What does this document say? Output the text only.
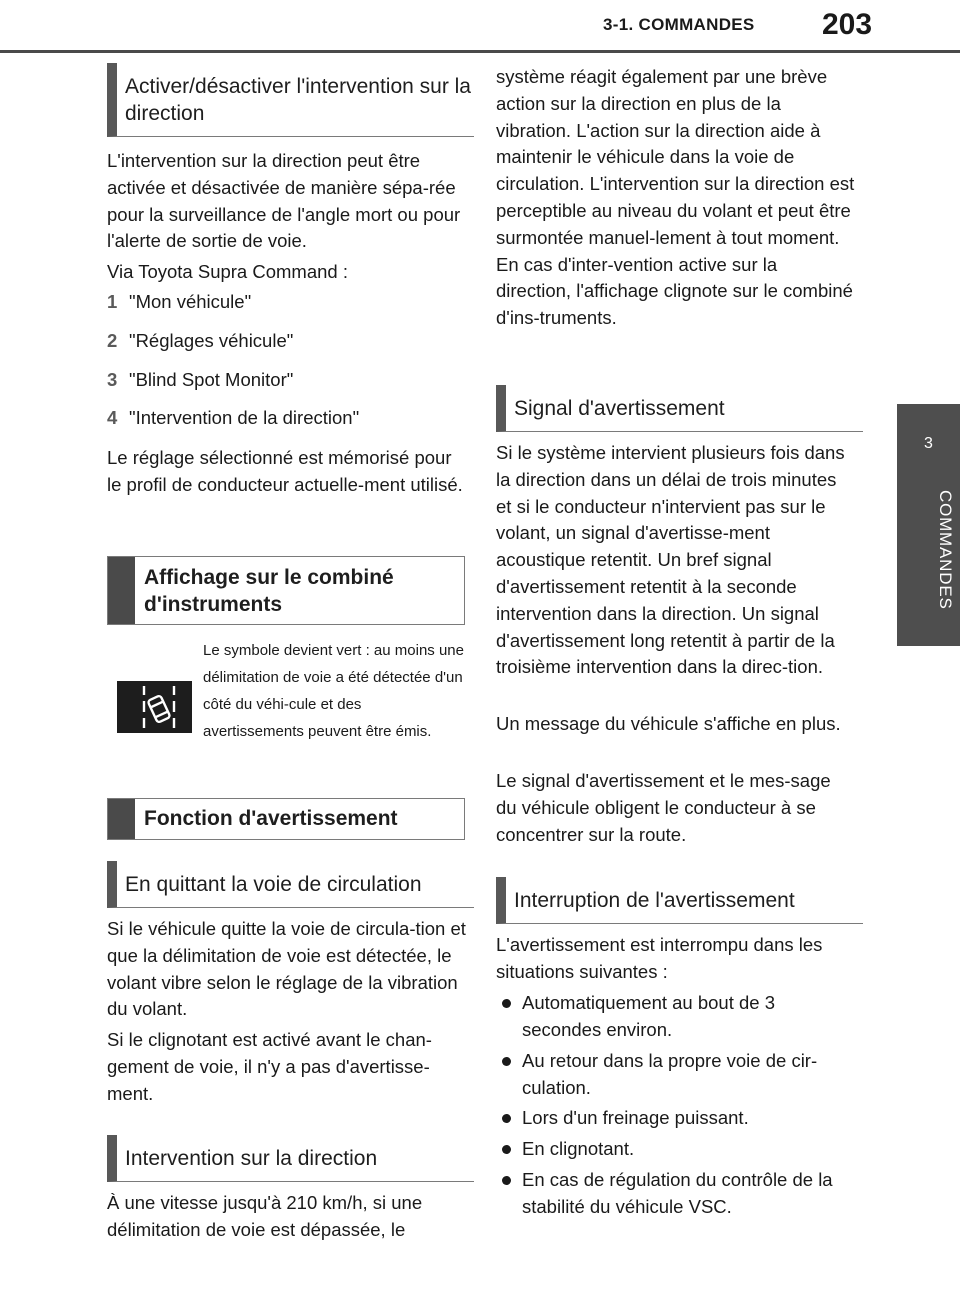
3-1. COMMANDES 203
3
COMMANDES
Activer/désactiver l'intervention sur la direction

L'intervention sur la direction peut être activée et désactivée de manière sépa-rée pour la surveillance de l'angle mort ou pour l'alerte de sortie de voie.

Via Toyota Supra Command :

1 "Mon véhicule"
2 "Réglages véhicule"
3 "Blind Spot Monitor"
4 "Intervention de la direction"

Le réglage sélectionné est mémorisé pour le profil de conducteur actuelle-ment utilisé.

Affichage sur le combiné d'instruments
Le symbole devient vert : au moins une délimitation de voie a été détectée d'un côté du véhi-cule et des avertissements peuvent être émis.
Fonction d'avertissement
En quittant la voie de circulation

Si le véhicule quitte la voie de circula-tion et que la délimitation de voie est détectée, le volant vibre selon le réglage de la vibration du volant.

Si le clignotant est activé avant le chan-gement de voie, il n'y a pas d'avertisse-ment.

Intervention sur la direction

À une vitesse jusqu'à 210 km/h, si une délimitation de voie est dépassée, le

système réagit également par une brève action sur la direction en plus de la vibration. L'action sur la direction aide à maintenir le véhicule dans la voie de circulation. L'intervention sur la direction est perceptible au niveau du volant et peut être surmontée manuel-lement à tout moment. En cas d'inter-vention active sur la direction, l'affichage clignote sur le combiné d'ins-truments.

Signal d'avertissement

Si le système intervient plusieurs fois dans la direction dans un délai de trois minutes et si le conducteur n'intervient pas sur le volant, un signal d'avertisse-ment acoustique retentit. Un bref signal d'avertissement retentit à la seconde intervention dans la direction. Un signal d'avertissement long retentit à partir de la troisième intervention dans la direc-tion.

Un message du véhicule s'affiche en plus.

Le signal d'avertissement et le mes-sage du véhicule obligent le conducteur à se concentrer sur la route.

Interruption de l'avertissement

L'avertissement est interrompu dans les situations suivantes :

Automatiquement au bout de 3 secondes environ.
Au retour dans la propre voie de cir-culation.
Lors d'un freinage puissant.
En clignotant.
En cas de régulation du contrôle de la stabilité du véhicule VSC.
